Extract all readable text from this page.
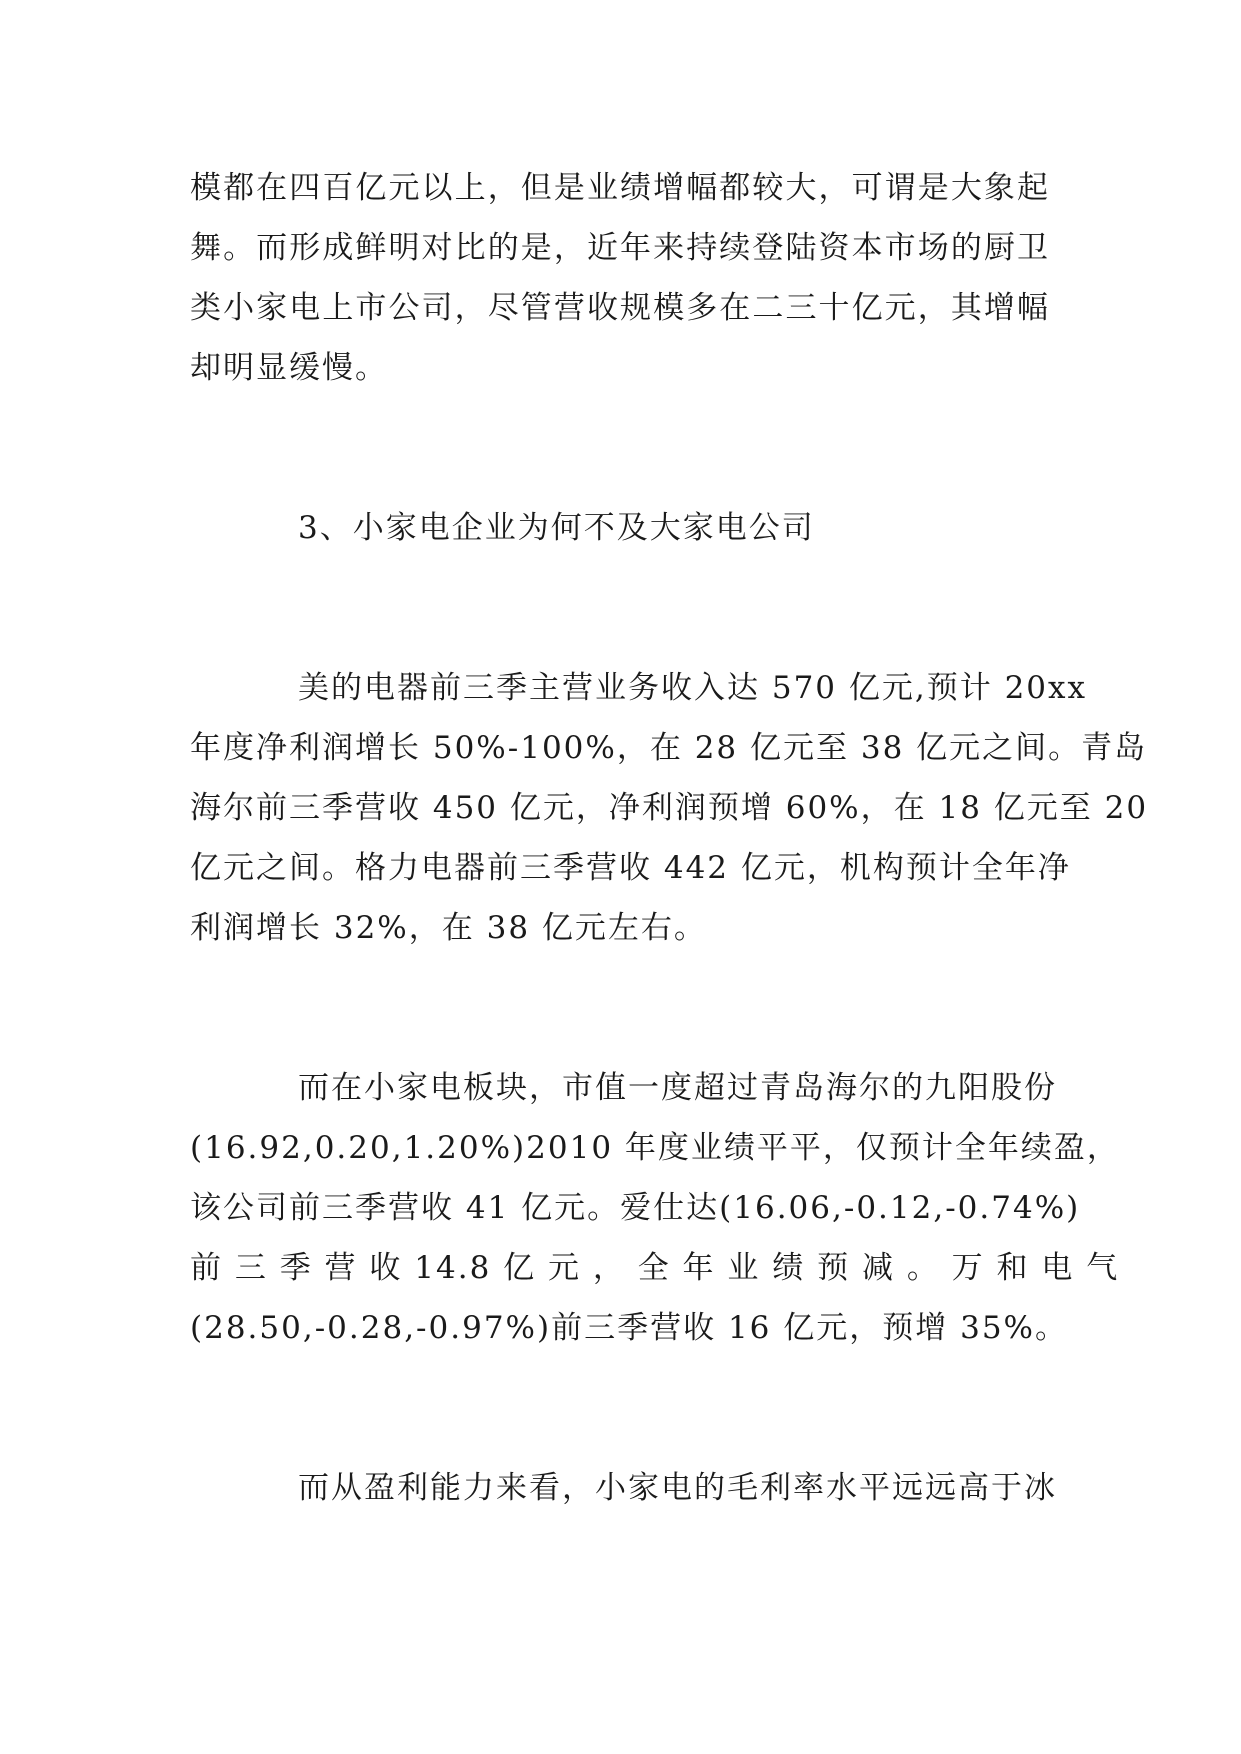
模都在四百亿元以上，但是业绩增幅都较大，可谓是大象起
舞。而形成鲜明对比的是，近年来持续登陆资本市场的厨卫
类小家电上市公司，尽管营收规模多在二三十亿元，其增幅
却明显缓慢。
3、小家电企业为何不及大家电公司
美的电器前三季主营业务收入达 570 亿元,预计 20xx
年度净利润增长 50%-100%，在 28 亿元至 38 亿元之间。青岛
海尔前三季营收 450 亿元，净利润预增 60%，在 18 亿元至 20
亿元之间。格力电器前三季营收 442 亿元，机构预计全年净
利润增长 32%，在 38 亿元左右。
而在小家电板块，市值一度超过青岛海尔的九阳股份
(16.92,0.20,1.20%)2010 年度业绩平平，仅预计全年续盈，
该公司前三季营收 41 亿元。爱仕达(16.06,-0.12,-0.74%)
前 三 季 营 收 14.8 亿 元 ， 全 年 业 绩 预 减 。 万 和 电 气
(28.50,-0.28,-0.97%)前三季营收 16 亿元，预增 35%。
而从盈利能力来看，小家电的毛利率水平远远高于冰
